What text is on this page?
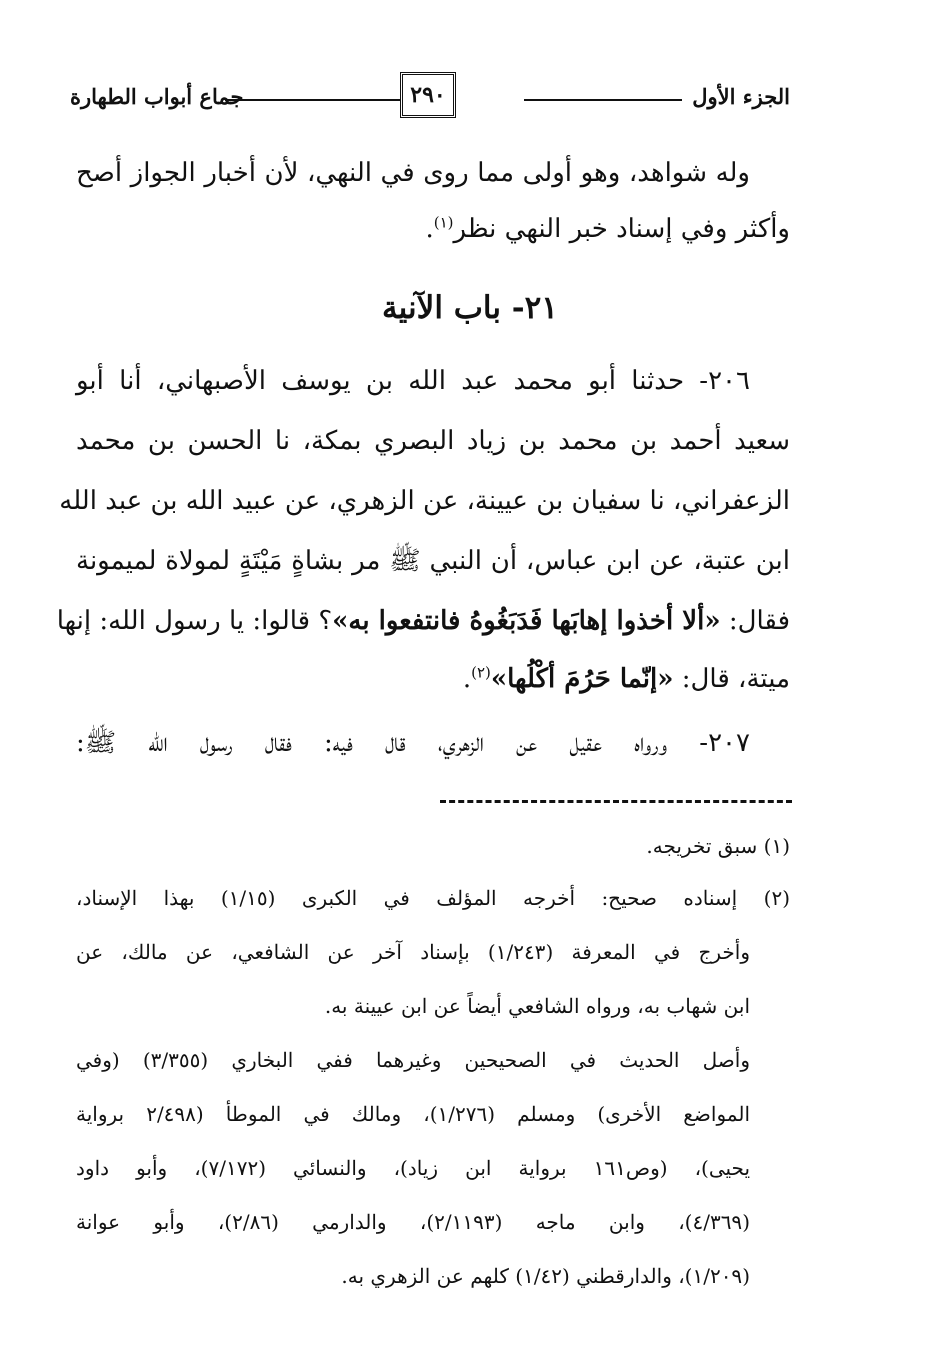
الجزء الأول
٢٩٠
جماع أبواب الطهارة
وله شواهد، وهو أولى مما روى في النهي، لأن أخبار الجواز أصح
وأكثر وفي إسناد خبر النهي نظر$^{(١)}$.
٢١- باب الآنية
٢٠٦- حدثنا أبو محمد عبد الله بن يوسف الأصبهاني، أنا أبو
سعيد أحمد بن محمد بن زياد البصري بمكة، نا الحسن بن محمد
الزعفراني، نا سفيان بن عيينة، عن الزهري، عن عبيد الله بن عبد الله
ابن عتبة، عن ابن عباس، أن النبي ﷺ مر بشاةٍ مَيْتَةٍ لمولاة لميمونة
فقال: «ألا أخذوا إهابَها فَدَبَغُوهُ فانتفعوا به»؟ قالوا: يا رسول الله: إنها
ميتة، قال: «إنّما حَرُمَ أكْلُها»$^{(٢)}$.
٢٠٧- ورواه عقيل عن الزهري، قال فيه: فقال رسول الله ﷺ:
(١) سبق تخريجه.
(٢) إسناده صحيح: أخرجه المؤلف في الكبرى (١/١٥) بهذا الإسناد،
وأخرج في المعرفة (١/٢٤٣) بإسناد آخر عن الشافعي، عن مالك، عن
ابن شهاب به، ورواه الشافعي أيضاً عن ابن عيينة به.
وأصل الحديث في الصحيحين وغيرهما ففي البخاري (٣/٣٥٥) (وفي
المواضع الأخرى) ومسلم (١/٢٧٦)، ومالك في الموطأ (٢/٤٩٨ برواية
يحيى)، (وص١٦١ برواية ابن زياد)، والنسائي (٧/١٧٢)، وأبو داود
(٤/٣٦٩)، وابن ماجه (٢/١١٩٣)، والدارمي (٢/٨٦)، وأبو عوانة
(١/٢٠٩)، والدارقطني (١/٤٢) كلهم عن الزهري به.
